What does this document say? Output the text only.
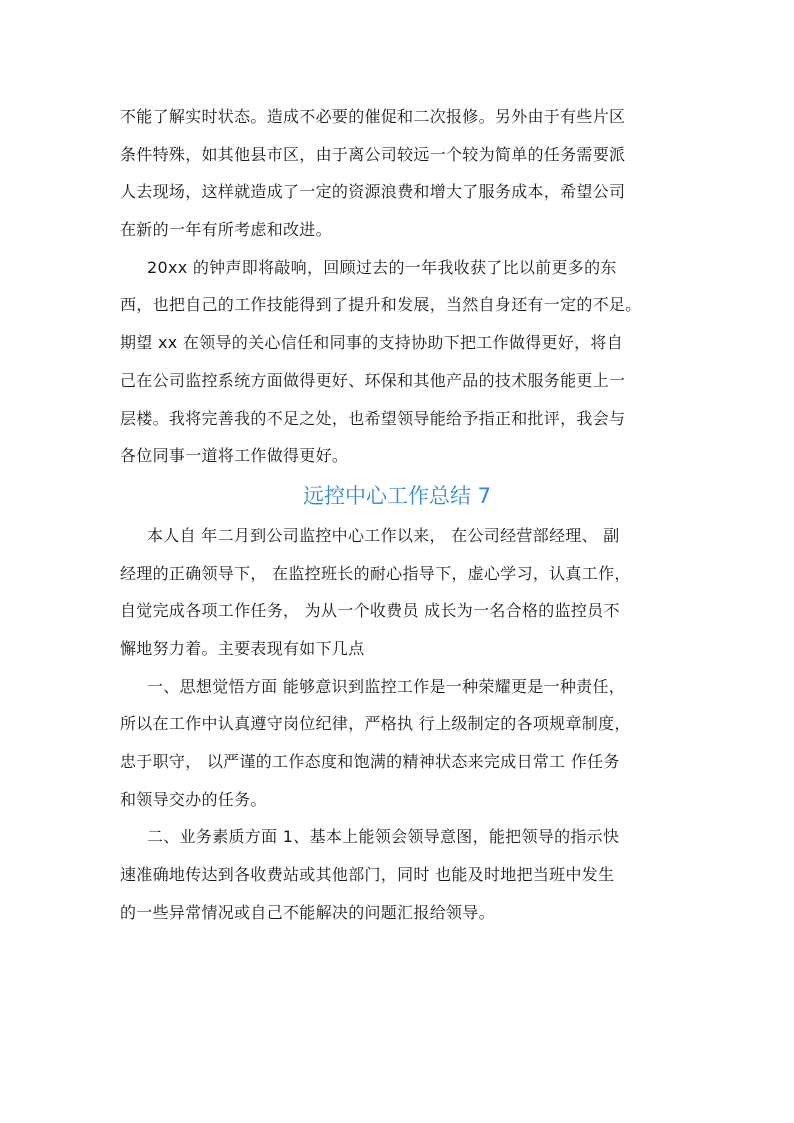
不能了解实时状态。造成不必要的催促和二次报修。另外由于有些片区
条件特殊，如其他县市区，由于离公司较远一个较为简单的任务需要派
人去现场，这样就造成了一定的资源浪费和增大了服务成本，希望公司
在新的一年有所考虑和改进。
20xx 的钟声即将敲响，回顾过去的一年我收获了比以前更多的东
西，也把自己的工作技能得到了提升和发展，当然自身还有一定的不足。
期望 xx 在领导的关心信任和同事的支持协助下把工作做得更好，将自
己在公司监控系统方面做得更好、环保和其他产品的技术服务能更上一
层楼。我将完善我的不足之处，也希望领导能给予指正和批评，我会与
各位同事一道将工作做得更好。
远控中心工作总结 7
本人自 年二月到公司监控中心工作以来， 在公司经营部经理、 副
经理的正确领导下， 在监控班长的耐心指导下，虚心学习，认真工作，
自觉完成各项工作任务， 为从一个收费员 成长为一名合格的监控员不
懈地努力着。主要表现有如下几点
一、思想觉悟方面 能够意识到监控工作是一种荣耀更是一种责任，
所以在工作中认真遵守岗位纪律，严格执 行上级制定的各项规章制度，
忠于职守， 以严谨的工作态度和饱满的精神状态来完成日常工 作任务
和领导交办的任务。
二、业务素质方面 1、基本上能领会领导意图，能把领导的指示快
速准确地传达到各收费站或其他部门，同时 也能及时地把当班中发生
的一些异常情况或自己不能解决的问题汇报给领导。
